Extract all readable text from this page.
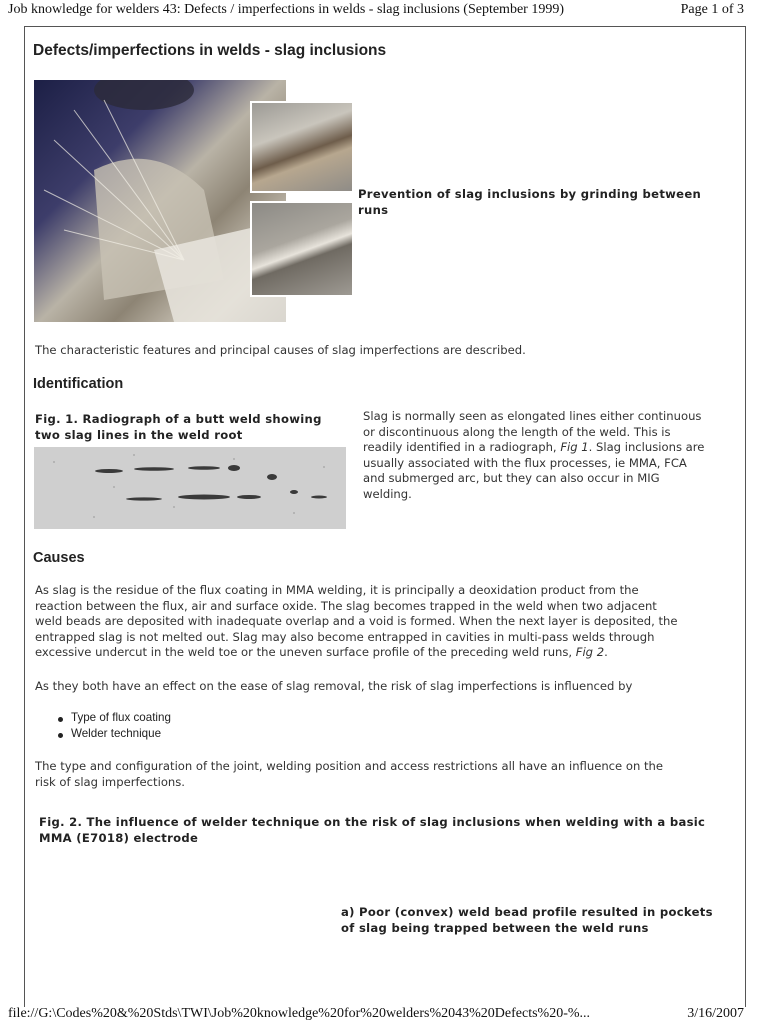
Job knowledge for welders 43: Defects / imperfections in welds - slag inclusions (September 1999)	Page 1 of 3
Defects/imperfections in welds - slag inclusions
Prevention of slag inclusions by grinding between
runs
The characteristic features and principal causes of slag imperfections are described.
Identification
Fig. 1. Radiograph of a butt weld showing
two slag lines in the weld root
Slag is normally seen as elongated lines either continuous
or discontinuous along the length of the weld. This is
readily identified in a radiograph, Fig 1. Slag inclusions are
usually associated with the flux processes, ie MMA, FCA
and submerged arc, but they can also occur in MIG
welding.
Causes
As slag is the residue of the flux coating in MMA welding, it is principally a deoxidation product from the
reaction between the flux, air and surface oxide. The slag becomes trapped in the weld when two adjacent
weld beads are deposited with inadequate overlap and a void is formed. When the next layer is deposited, the
entrapped slag is not melted out. Slag may also become entrapped in cavities in multi-pass welds through
excessive undercut in the weld toe or the uneven surface profile of the preceding weld runs, Fig 2.
As they both have an effect on the ease of slag removal, the risk of slag imperfections is influenced by
Type of flux coating
Welder technique
The type and configuration of the joint, welding position and access restrictions all have an influence on the
risk of slag imperfections.
Fig. 2. The influence of welder technique on the risk of slag inclusions when welding with a basic
MMA (E7018) electrode
a) Poor (convex) weld bead profile resulted in pockets
of slag being trapped between the weld runs
file://G:\Codes%20&%20Stds\TWI\Job%20knowledge%20for%20welders%2043%20Defects%20-%...	3/16/2007
